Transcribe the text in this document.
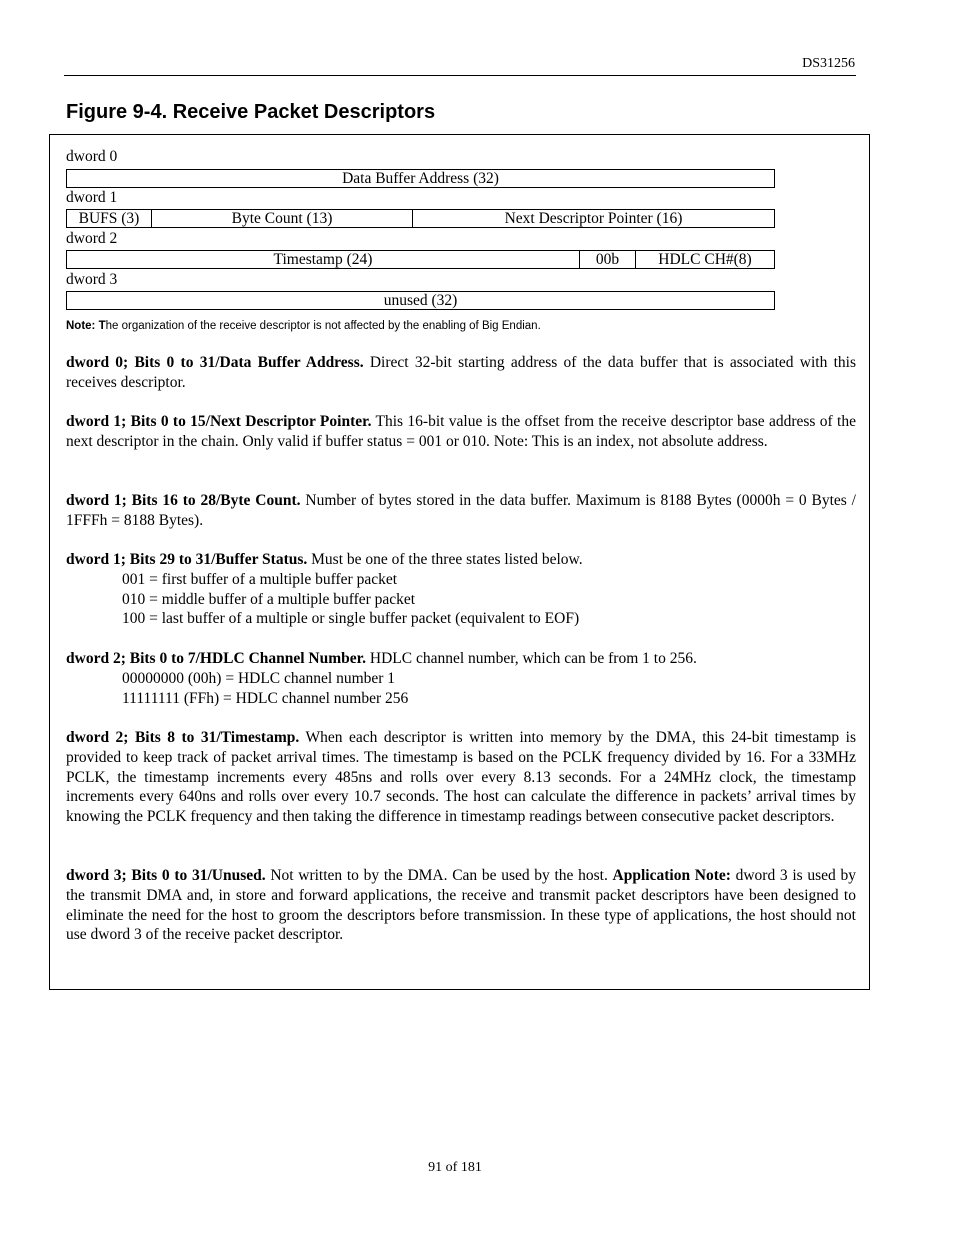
DS31256
Figure 9-4. Receive Packet Descriptors
dword 0
Data Buffer Address (32)
dword 1
BUFS (3)	Byte Count (13)	Next Descriptor Pointer (16)
dword 2
Timestamp (24)	00b	HDLC CH#(8)
dword 3
unused (32)
Note: The organization of the receive descriptor is not affected by the enabling of Big Endian.

dword 0; Bits 0 to 31/Data Buffer Address. Direct 32-bit starting address of the data buffer that is associated with this receives descriptor.

dword 1; Bits 0 to 15/Next Descriptor Pointer. This 16-bit value is the offset from the receive descriptor base address of the next descriptor in the chain. Only valid if buffer status = 001 or 010. Note: This is an index, not absolute address.

dword 1; Bits 16 to 28/Byte Count. Number of bytes stored in the data buffer. Maximum is 8188 Bytes (0000h = 0 Bytes / 1FFFh = 8188 Bytes).

dword 1; Bits 29 to 31/Buffer Status. Must be one of the three states listed below.
001 = first buffer of a multiple buffer packet
010 = middle buffer of a multiple buffer packet
100 = last buffer of a multiple or single buffer packet (equivalent to EOF)
dword 2; Bits 0 to 7/HDLC Channel Number. HDLC channel number, which can be from 1 to 256.
00000000 (00h) = HDLC channel number 1
11111111 (FFh) = HDLC channel number 256

dword 2; Bits 8 to 31/Timestamp. When each descriptor is written into memory by the DMA, this 24-bit timestamp is provided to keep track of packet arrival times. The timestamp is based on the PCLK frequency divided by 16. For a 33MHz PCLK, the timestamp increments every 485ns and rolls over every 8.13 seconds. For a 24MHz clock, the timestamp increments every 640ns and rolls over every 10.7 seconds. The host can calculate the difference in packets’ arrival times by knowing the PCLK frequency and then taking the difference in timestamp readings between consecutive packet descriptors.

dword 3; Bits 0 to 31/Unused. Not written to by the DMA. Can be used by the host. Application Note: dword 3 is used by the transmit DMA and, in store and forward applications, the receive and transmit packet descriptors have been designed to eliminate the need for the host to groom the descriptors before transmission. In these type of applications, the host should not use dword 3 of the receive packet descriptor.

91 of 181
